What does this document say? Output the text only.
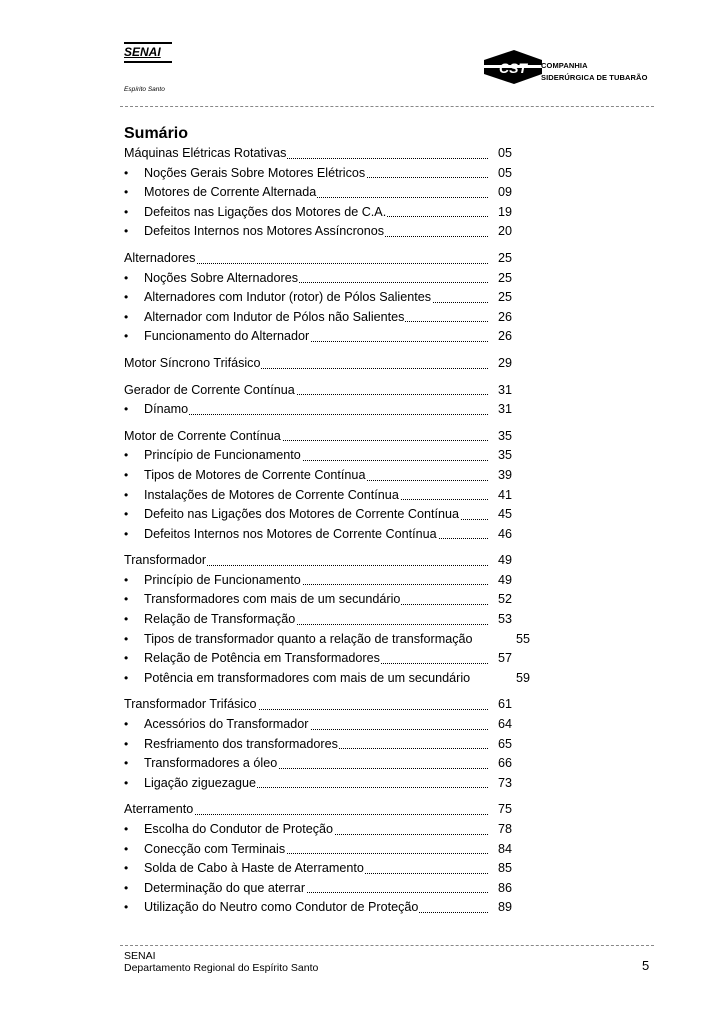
SENAI
Espírito Santo
CST COMPANHIA
SIDERÚRGICA DE TUBARÃO
Sumário
Máquinas Elétricas Rotativas	05
• Noções Gerais Sobre Motores Elétricos	05
• Motores de Corrente Alternada	09
• Defeitos nas Ligações dos Motores de C.A.	19
• Defeitos Internos nos Motores Assíncronos	20
Alternadores	25
• Noções Sobre Alternadores	25
• Alternadores com Indutor (rotor) de Pólos Salientes	25
• Alternador com Indutor de Pólos não Salientes	26
• Funcionamento do Alternador	26
Motor Síncrono Trifásico	29
Gerador de Corrente Contínua	31
• Dínamo	31
Motor de Corrente Contínua	35
• Princípio de Funcionamento	35
• Tipos de Motores de Corrente Contínua	39
• Instalações de Motores de Corrente Contínua	41
• Defeito nas Ligações dos Motores de Corrente Contínua	45
• Defeitos Internos nos Motores de Corrente Contínua	46
Transformador	49
• Princípio de Funcionamento	49
• Transformadores com mais de um secundário	52
• Relação de Transformação	53
• Tipos de transformador quanto a relação de transformação	55
• Relação de Potência em Transformadores	57
• Potência em transformadores com mais de um secundário	59
Transformador Trifásico	61
• Acessórios do Transformador	64
• Resfriamento dos transformadores	65
• Transformadores a óleo	66
• Ligação ziguezague	73
Aterramento	75
• Escolha do Condutor de Proteção	78
• Conecção com Terminais	84
• Solda de Cabo à Haste de Aterramento	85
• Determinação do que aterrar	86
• Utilização do Neutro como Condutor de Proteção	89
SENAI
Departamento Regional do Espírito Santo	5
